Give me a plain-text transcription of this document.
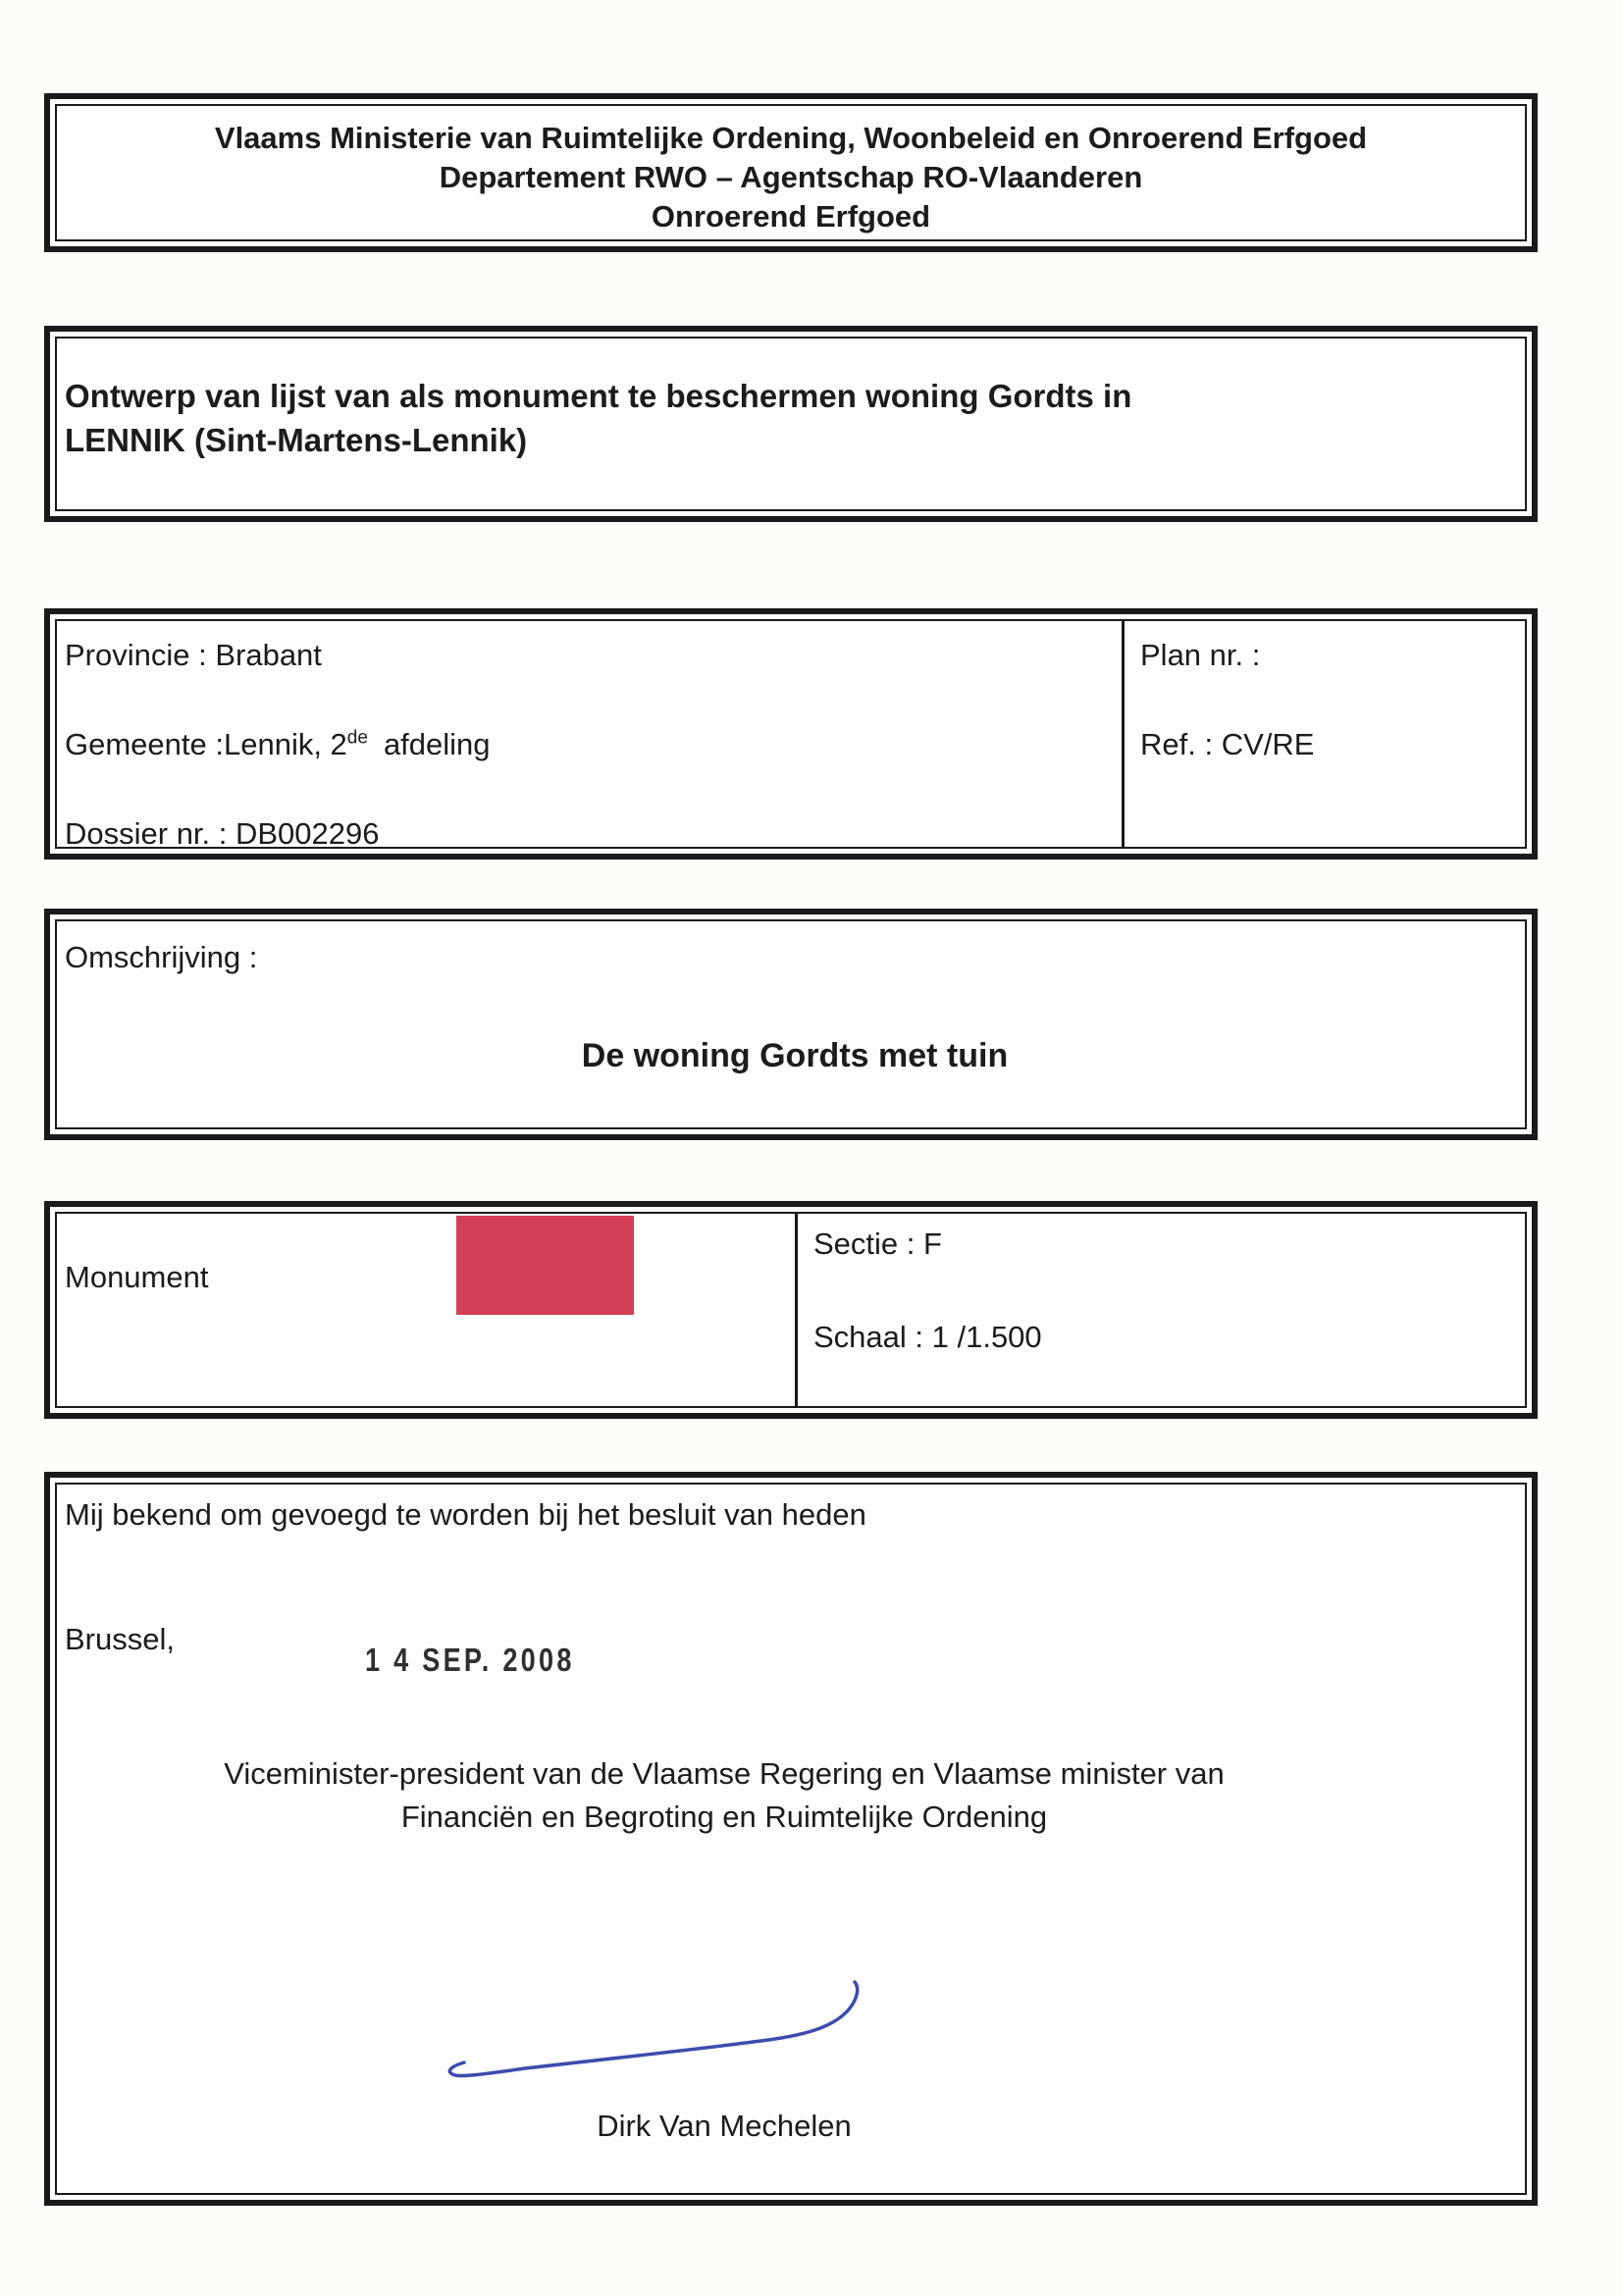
Vlaams Ministerie van Ruimtelijke Ordening, Woonbeleid en Onroerend Erfgoed

Departement RWO – Agentschap RO-Vlaanderen

Onroerend Erfgoed

Ontwerp van lijst van als monument te beschermen woning Gordts in

LENNIK (Sint-Martens-Lennik)

Provincie : Brabant

Gemeente :Lennik, 2de afdeling

Dossier nr. : DB002296

Plan nr. :

Ref. : CV/RE

Omschrijving :

De woning Gordts met tuin

Monument

Sectie : F

Schaal : 1 /1.500

Mij bekend om gevoegd te worden bij het besluit van heden

Brussel,

1 4 SEP. 2008

Viceminister-president van de Vlaamse Regering en Vlaamse minister van

Financiën en Begroting en Ruimtelijke Ordening

Dirk Van Mechelen
